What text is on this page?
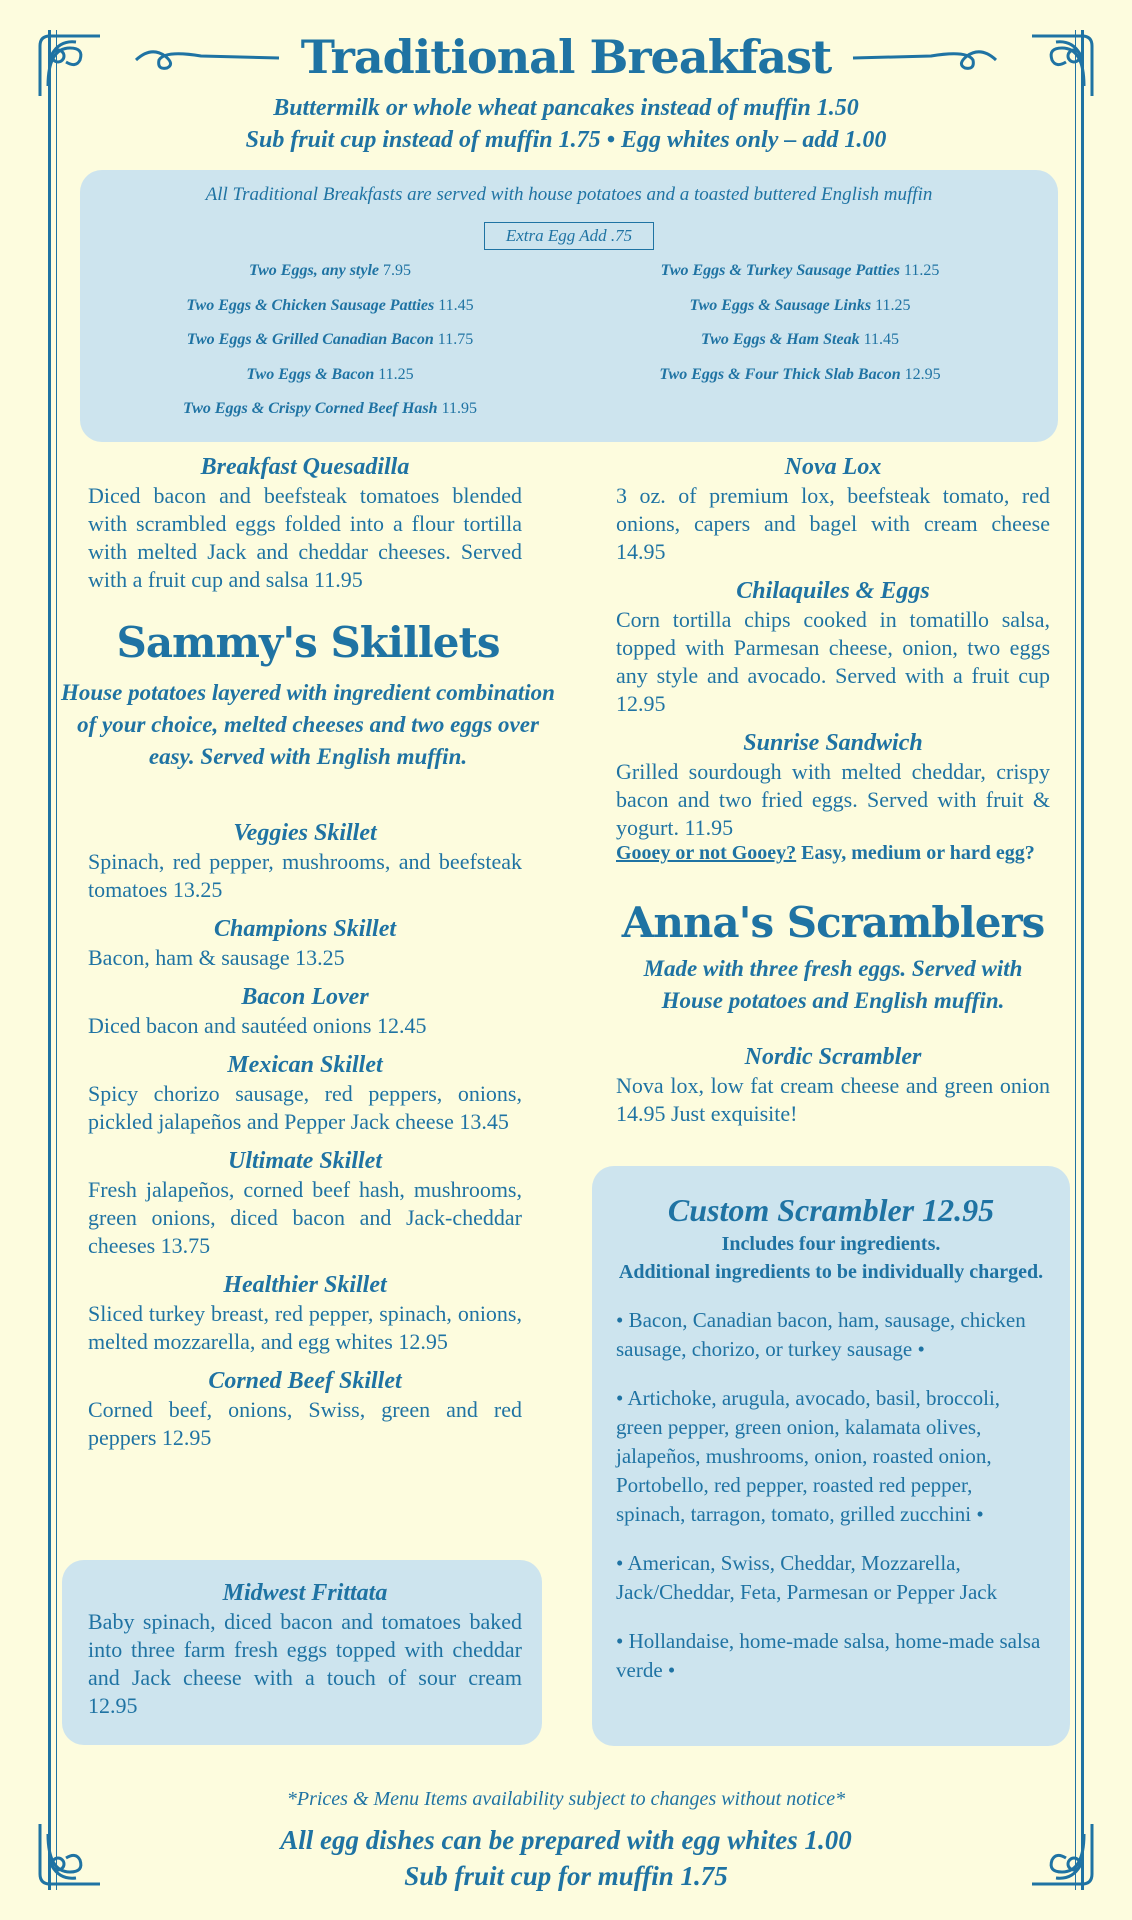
Traditional Breakfast
Buttermilk or whole wheat pancakes instead of muffin 1.50
Sub fruit cup instead of muffin 1.75 • Egg whites only – add 1.00
All Traditional Breakfasts are served with house potatoes and a toasted buttered English muffin
Extra Egg Add .75
Two Eggs, any style 7.95
Two Eggs & Chicken Sausage Patties 11.45
Two Eggs & Grilled Canadian Bacon 11.75
Two Eggs & Bacon 11.25
Two Eggs & Crispy Corned Beef Hash 11.95
Two Eggs & Turkey Sausage Patties 11.25
Two Eggs & Sausage Links 11.25
Two Eggs & Ham Steak 11.45
Two Eggs & Four Thick Slab Bacon 12.95
Breakfast Quesadilla
Diced bacon and beefsteak tomatoes blended with scrambled eggs folded into a flour tortilla with melted Jack and cheddar cheeses. Served with a fruit cup and salsa 11.95
Sammy's Skillets
House potatoes layered with ingredient combination of your choice, melted cheeses and two eggs over easy. Served with English muffin.
Veggies Skillet
Spinach, red pepper, mushrooms, and beefsteak tomatoes 13.25
Champions Skillet
Bacon, ham & sausage 13.25
Bacon Lover
Diced bacon and sautéed onions 12.45
Mexican Skillet
Spicy chorizo sausage, red peppers, onions, pickled jalapeños and Pepper Jack cheese 13.45
Ultimate Skillet
Fresh jalapeños, corned beef hash, mushrooms, green onions, diced bacon and Jack-cheddar cheeses 13.75
Healthier Skillet
Sliced turkey breast, red pepper, spinach, onions, melted mozzarella, and egg whites 12.95
Corned Beef Skillet
Corned beef, onions, Swiss, green and red peppers 12.95
Midwest Frittata
Baby spinach, diced bacon and tomatoes baked into three farm fresh eggs topped with cheddar and Jack cheese with a touch of sour cream 12.95
Nova Lox
3 oz. of premium lox, beefsteak tomato, red onions, capers and bagel with cream cheese 14.95
Chilaquiles & Eggs
Corn tortilla chips cooked in tomatillo salsa, topped with Parmesan cheese, onion, two eggs any style and avocado. Served with a fruit cup 12.95
Sunrise Sandwich
Grilled sourdough with melted cheddar, crispy bacon and two fried eggs. Served with fruit & yogurt. 11.95
Gooey or not Gooey? Easy, medium or hard egg?
Anna's Scramblers
Made with three fresh eggs. Served with House potatoes and English muffin.
Nordic Scrambler
Nova lox, low fat cream cheese and green onion 14.95 Just exquisite!
Custom Scrambler 12.95
Includes four ingredients.
Additional ingredients to be individually charged.

• Bacon, Canadian bacon, ham, sausage, chicken sausage, chorizo, or turkey sausage •

• Artichoke, arugula, avocado, basil, broccoli, green pepper, green onion, kalamata olives, jalapeños, mushrooms, onion, roasted onion, Portobello, red pepper, roasted red pepper, spinach, tarragon, tomato, grilled zucchini •

• American, Swiss, Cheddar, Mozzarella, Jack/Cheddar, Feta, Parmesan or Pepper Jack

• Hollandaise, home-made salsa, home-made salsa verde •

*Prices & Menu Items availability subject to changes without notice*
All egg dishes can be prepared with egg whites 1.00
Sub fruit cup for muffin 1.75
